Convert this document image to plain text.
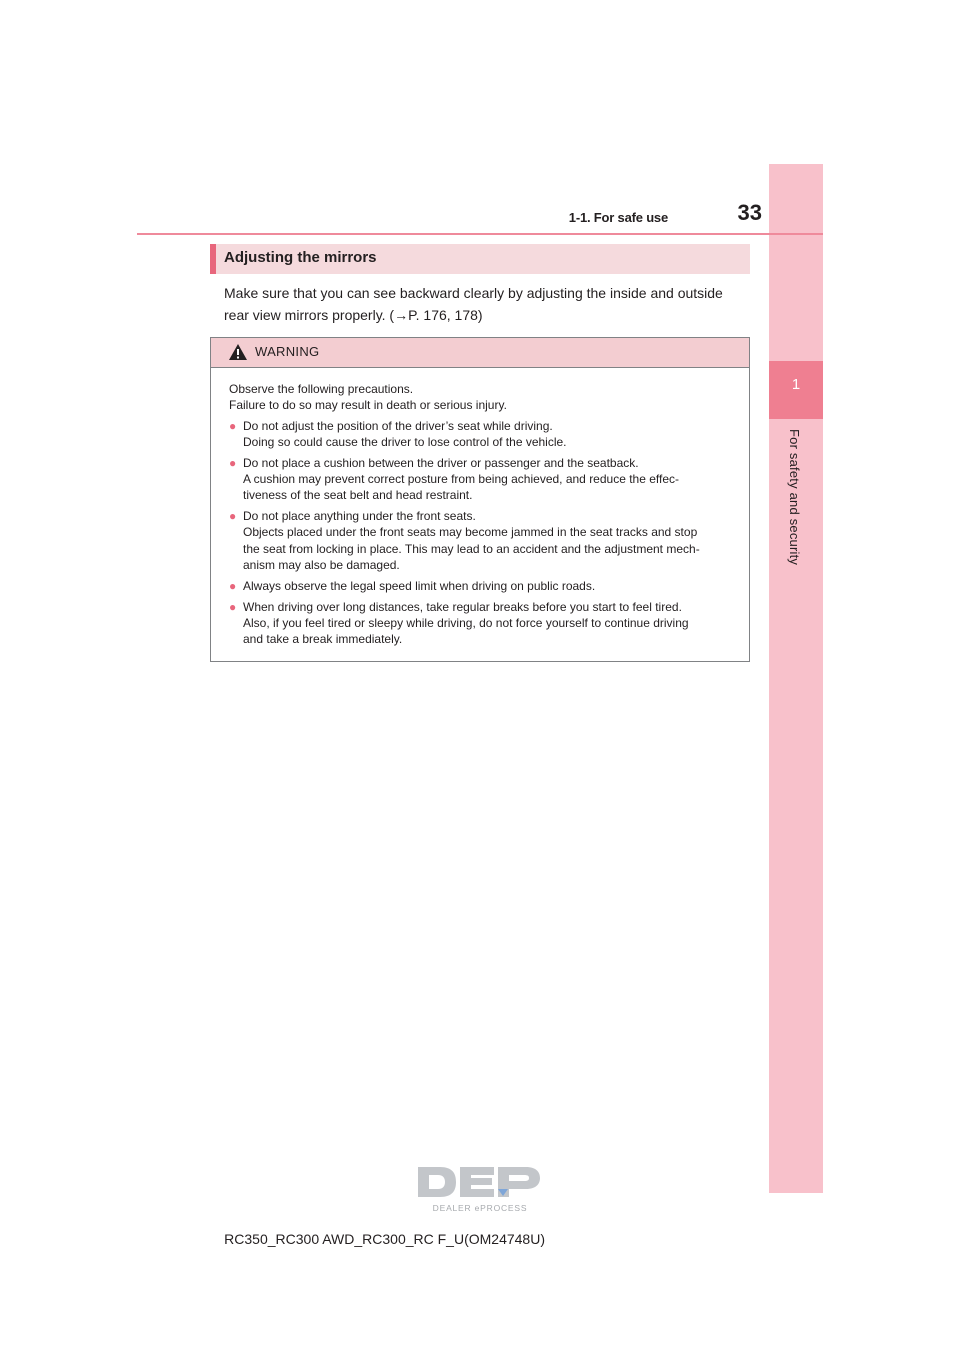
1
For safety and security
1-1. For safe use	33
Adjusting the mirrors
Make sure that you can see backward clearly by adjusting the inside and outside
rear view mirrors properly. (→P. 176, 178)
WARNING

Observe the following precautions.
Failure to do so may result in death or serious injury.

● Do not adjust the position of the driver’s seat while driving.
Doing so could cause the driver to lose control of the vehicle.
● Do not place a cushion between the driver or passenger and the seatback.
A cushion may prevent correct posture from being achieved, and reduce the effec-
tiveness of the seat belt and head restraint.
● Do not place anything under the front seats.
Objects placed under the front seats may become jammed in the seat tracks and stop
the seat from locking in place. This may lead to an accident and the adjustment mech-
anism may also be damaged.
● Always observe the legal speed limit when driving on public roads.
● When driving over long distances, take regular breaks before you start to feel tired.
Also, if you feel tired or sleepy while driving, do not force yourself to continue driving
and take a break immediately.
DEALER ePROCESS
RC350_RC300 AWD_RC300_RC F_U(OM24748U)
